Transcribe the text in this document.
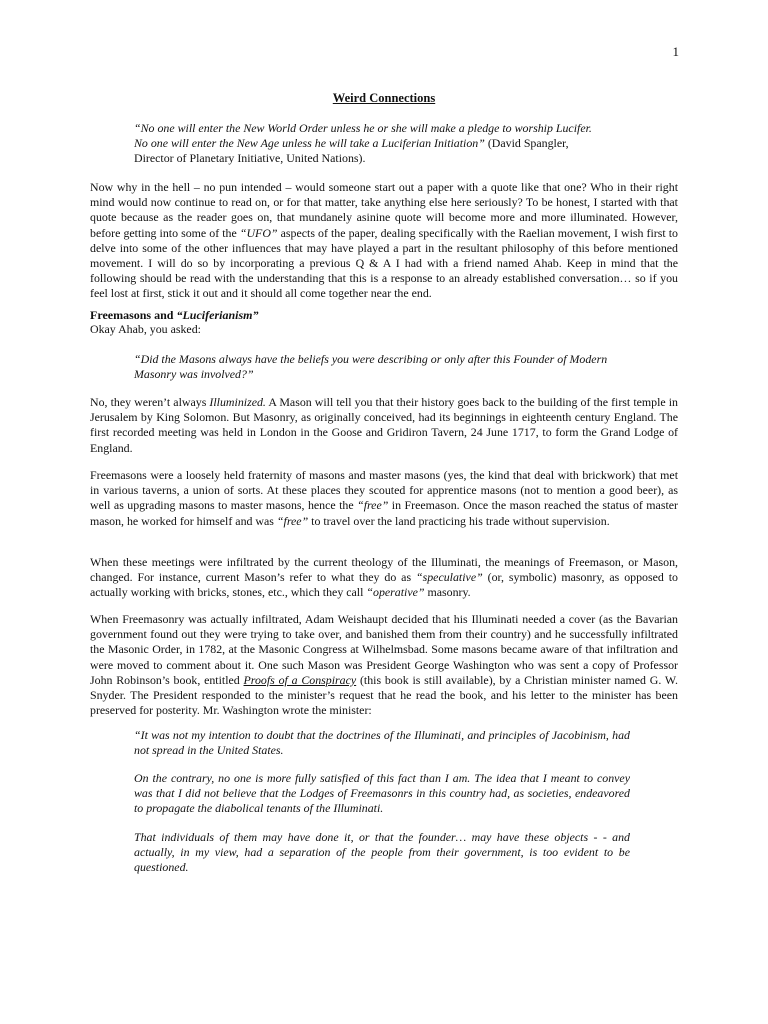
1
Weird Connections
“No one will enter the New World Order unless he or she will make a pledge to worship Lucifer.
No one will enter the New Age unless he will take a Luciferian Initiation” (David Spangler,
Director of Planetary Initiative, United Nations).
Now why in the hell – no pun intended – would someone start out a paper with a quote like that one? Who in their right mind would now continue to read on, or for that matter, take anything else here seriously? To be honest, I started with that quote because as the reader goes on, that mundanely asinine quote will become more and more illuminated. However, before getting into some of the “UFO” aspects of the paper, dealing specifically with the Raelian movement, I wish first to delve into some of the other influences that may have played a part in the resultant philosophy of this before mentioned movement. I will do so by incorporating a previous Q & A I had with a friend named Ahab. Keep in mind that the following should be read with the understanding that this is a response to an already established conversation… so if you feel lost at first, stick it out and it should all come together near the end.
Freemasons and “Luciferianism”
Okay Ahab, you asked:
“Did the Masons always have the beliefs you were describing or only after this Founder of Modern Masonry was involved?”
No, they weren’t always Illuminized. A Mason will tell you that their history goes back to the building of the first temple in Jerusalem by King Solomon. But Masonry, as originally conceived, had its beginnings in eighteenth century England. The first recorded meeting was held in London in the Goose and Gridiron Tavern, 24 June 1717, to form the Grand Lodge of England.
Freemasons were a loosely held fraternity of masons and master masons (yes, the kind that deal with brickwork) that met in various taverns, a union of sorts. At these places they scouted for apprentice masons (not to mention a good beer), as well as upgrading masons to master masons, hence the “free” in Freemason. Once the mason reached the status of master mason, he worked for himself and was “free” to travel over the land practicing his trade without supervision.
When these meetings were infiltrated by the current theology of the Illuminati, the meanings of Freemason, or Mason, changed. For instance, current Mason’s refer to what they do as “speculative” (or, symbolic) masonry, as opposed to actually working with bricks, stones, etc., which they call “operative” masonry.
When Freemasonry was actually infiltrated, Adam Weishaupt decided that his Illuminati needed a cover (as the Bavarian government found out they were trying to take over, and banished them from their country) and he successfully infiltrated the Masonic Order, in 1782, at the Masonic Congress at Wilhelmsbad. Some masons became aware of that infiltration and were moved to comment about it. One such Mason was President George Washington who was sent a copy of Professor John Robinson’s book, entitled Proofs of a Conspiracy (this book is still available), by a Christian minister named G. W. Snyder. The President responded to the minister’s request that he read the book, and his letter to the minister has been preserved for posterity. Mr. Washington wrote the minister:
“It was not my intention to doubt that the doctrines of the Illuminati, and principles of Jacobinism, had not spread in the United States.
On the contrary, no one is more fully satisfied of this fact than I am. The idea that I meant to convey was that I did not believe that the Lodges of Freemasonrs in this country had, as societies, endeavored to propagate the diabolical tenants of the Illuminati.
That individuals of them may have done it, or that the founder… may have these objects - - and actually, in my view, had a separation of the people from their government, is too evident to be questioned.
